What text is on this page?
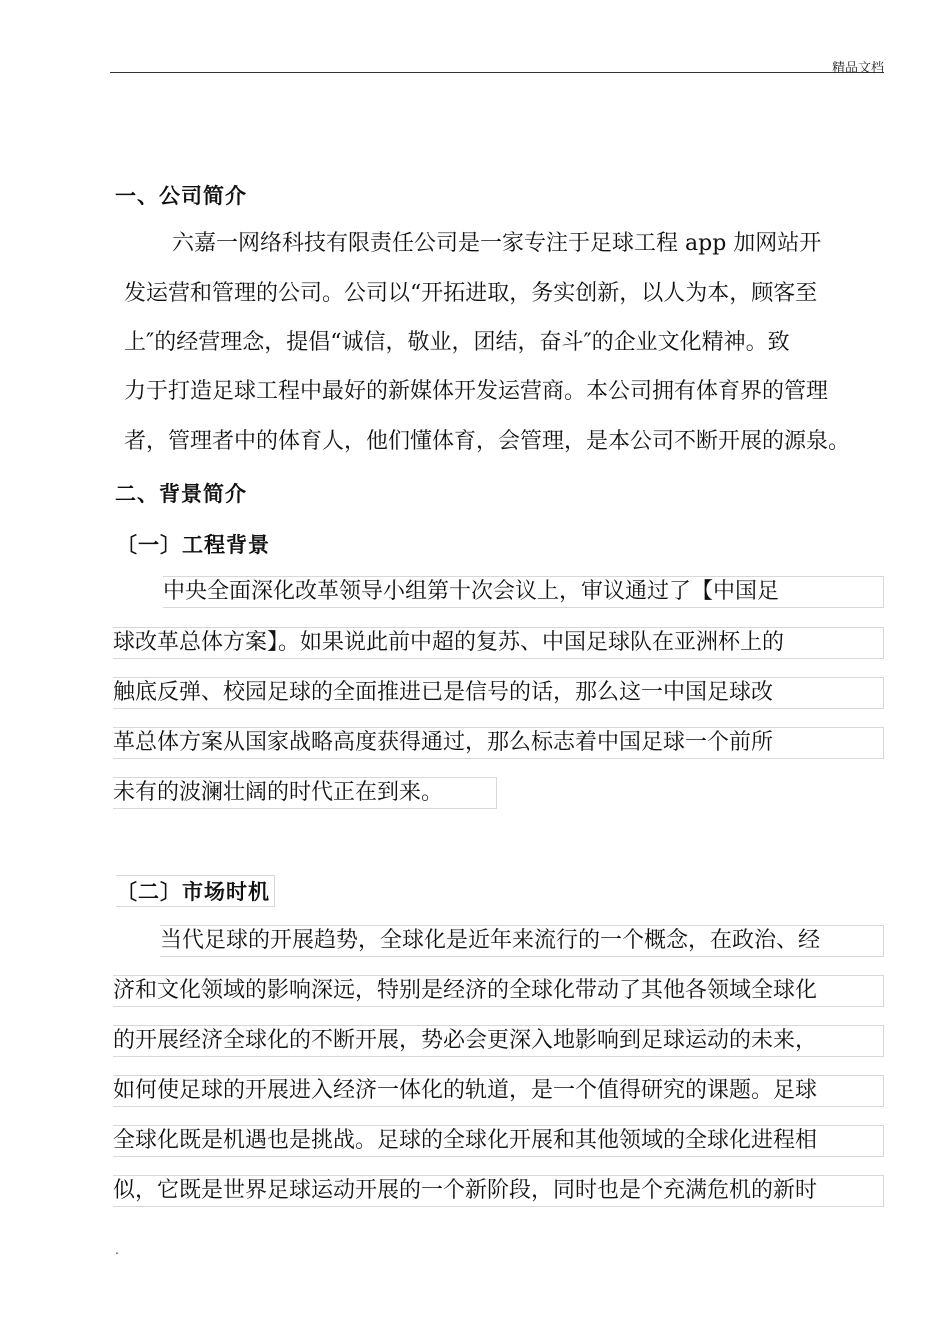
精品文档
一、公司简介
六嘉一网络科技有限责任公司是一家专注于足球工程 app 加网站开
发运营和管理的公司。公司以“开拓进取，务实创新，以人为本，顾客至
上″的经营理念，提倡“诚信，敬业，团结，奋斗″的企业文化精神。致
力于打造足球工程中最好的新媒体开发运营商。本公司拥有体育界的管理
者，管理者中的体育人，他们懂体育，会管理，是本公司不断开展的源泉。
二、背景简介
〔一〕工程背景
中央全面深化改革领导小组第十次会议上，审议通过了【中国足
球改革总体方案】。如果说此前中超的复苏、中国足球队在亚洲杯上的
触底反弹、校园足球的全面推进已是信号的话，那么这一中国足球改
革总体方案从国家战略高度获得通过，那么标志着中国足球一个前所
未有的波澜壮阔的时代正在到来。
〔二〕市场时机
当代足球的开展趋势，全球化是近年来流行的一个概念，在政治、经
济和文化领域的影响深远，特别是经济的全球化带动了其他各领域全球化
的开展经济全球化的不断开展，势必会更深入地影响到足球运动的未来，
如何使足球的开展进入经济一体化的轨道，是一个值得研究的课题。足球
全球化既是机遇也是挑战。足球的全球化开展和其他领域的全球化进程相
似，它既是世界足球运动开展的一个新阶段，同时也是个充满危机的新时
.
